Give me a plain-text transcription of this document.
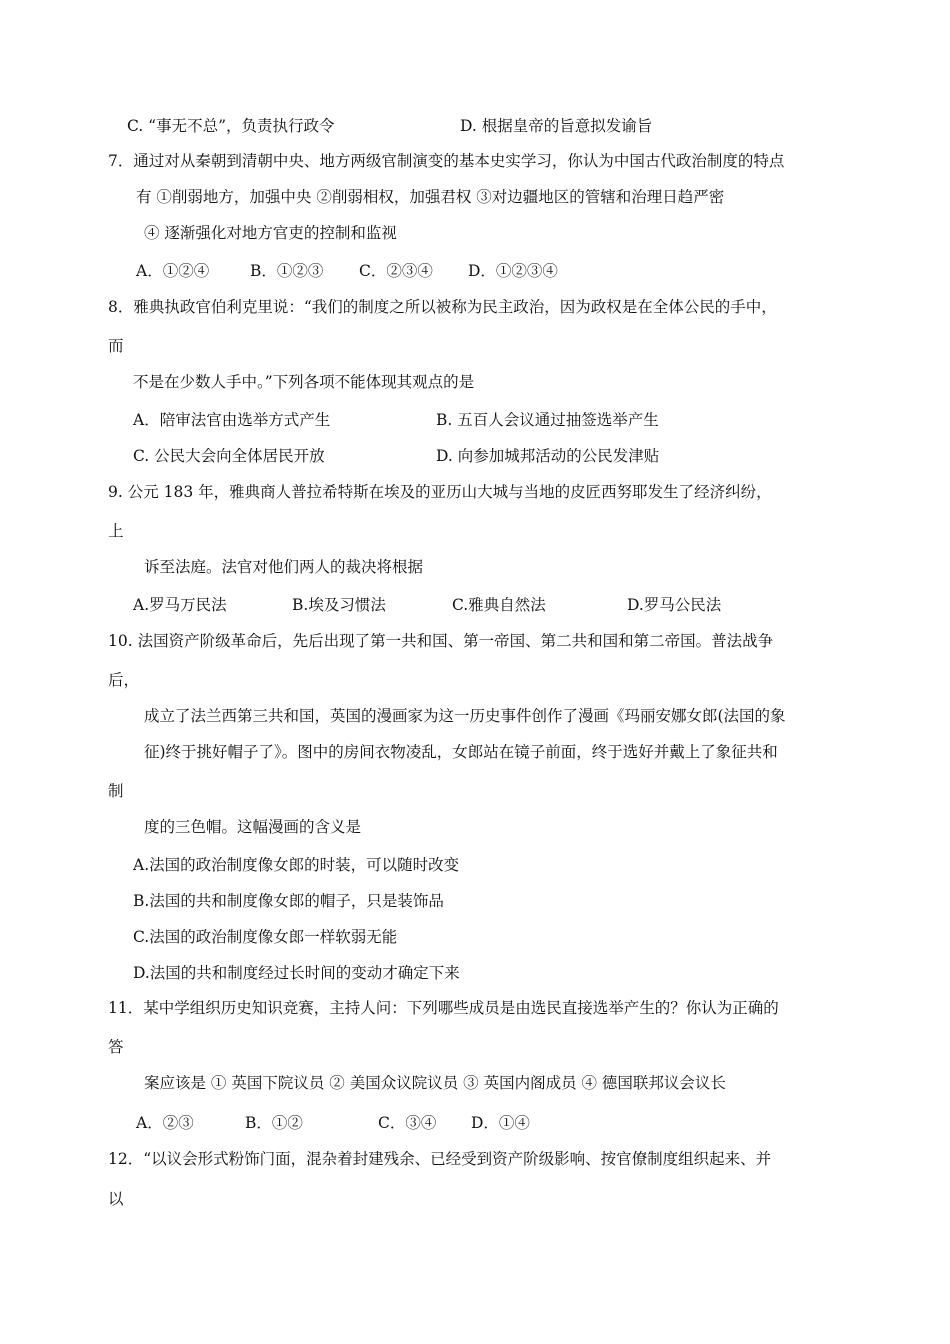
C. “事无不总”，负责执行政令	D. 根据皇帝的旨意拟发谕旨
7．通过对从秦朝到清朝中央、地方两级官制演变的基本史实学习，你认为中国古代政治制度的特点
有 ①削弱地方，加强中央 ②削弱相权，加强君权 ③对边疆地区的管辖和治理日趋严密
④ 逐渐强化对地方官吏的控制和监视
A．①②④	B．①②③ C．②③④ D．①②③④
8．雅典执政官伯利克里说：“我们的制度之所以被称为民主政治，因为政权是在全体公民的手中，
而
不是在少数人手中。”下列各项不能体现其观点的是
A．陪审法官由选举方式产生	B. 五百人会议通过抽签选举产生
C. 公民大会向全体居民开放	D. 向参加城邦活动的公民发津贴
9. 公元 183 年，雅典商人普拉希特斯在埃及的亚历山大城与当地的皮匠西努耶发生了经济纠纷，
上
诉至法庭。法官对他们两人的裁决将根据
A.罗马万民法	B.埃及习惯法	C.雅典自然法	D.罗马公民法
10. 法国资产阶级革命后，先后出现了第一共和国、第一帝国、第二共和国和第二帝国。普法战争
后，
成立了法兰西第三共和国，英国的漫画家为这一历史事件创作了漫画《玛丽安娜女郎(法国的象
征)终于挑好帽子了》。图中的房间衣物凌乱，女郎站在镜子前面，终于选好并戴上了象征共和
制
度的三色帽。这幅漫画的含义是
A.法国的政治制度像女郎的时装，可以随时改变
B.法国的共和制度像女郎的帽子，只是装饰品
C.法国的政治制度像女郎一样软弱无能
D.法国的共和制度经过长时间的变动才确定下来
11．某中学组织历史知识竞赛，主持人问：下列哪些成员是由选民直接选举产生的？你认为正确的
答
案应该是 ① 英国下院议员 ② 美国众议院议员 ③ 英国内阁成员 ④ 德国联邦议会议长
A．②③	B．①②	C．③④ D．①④
12．“以议会形式粉饰门面，混杂着封建残余、已经受到资产阶级影响、按官僚制度组织起来、并
以
